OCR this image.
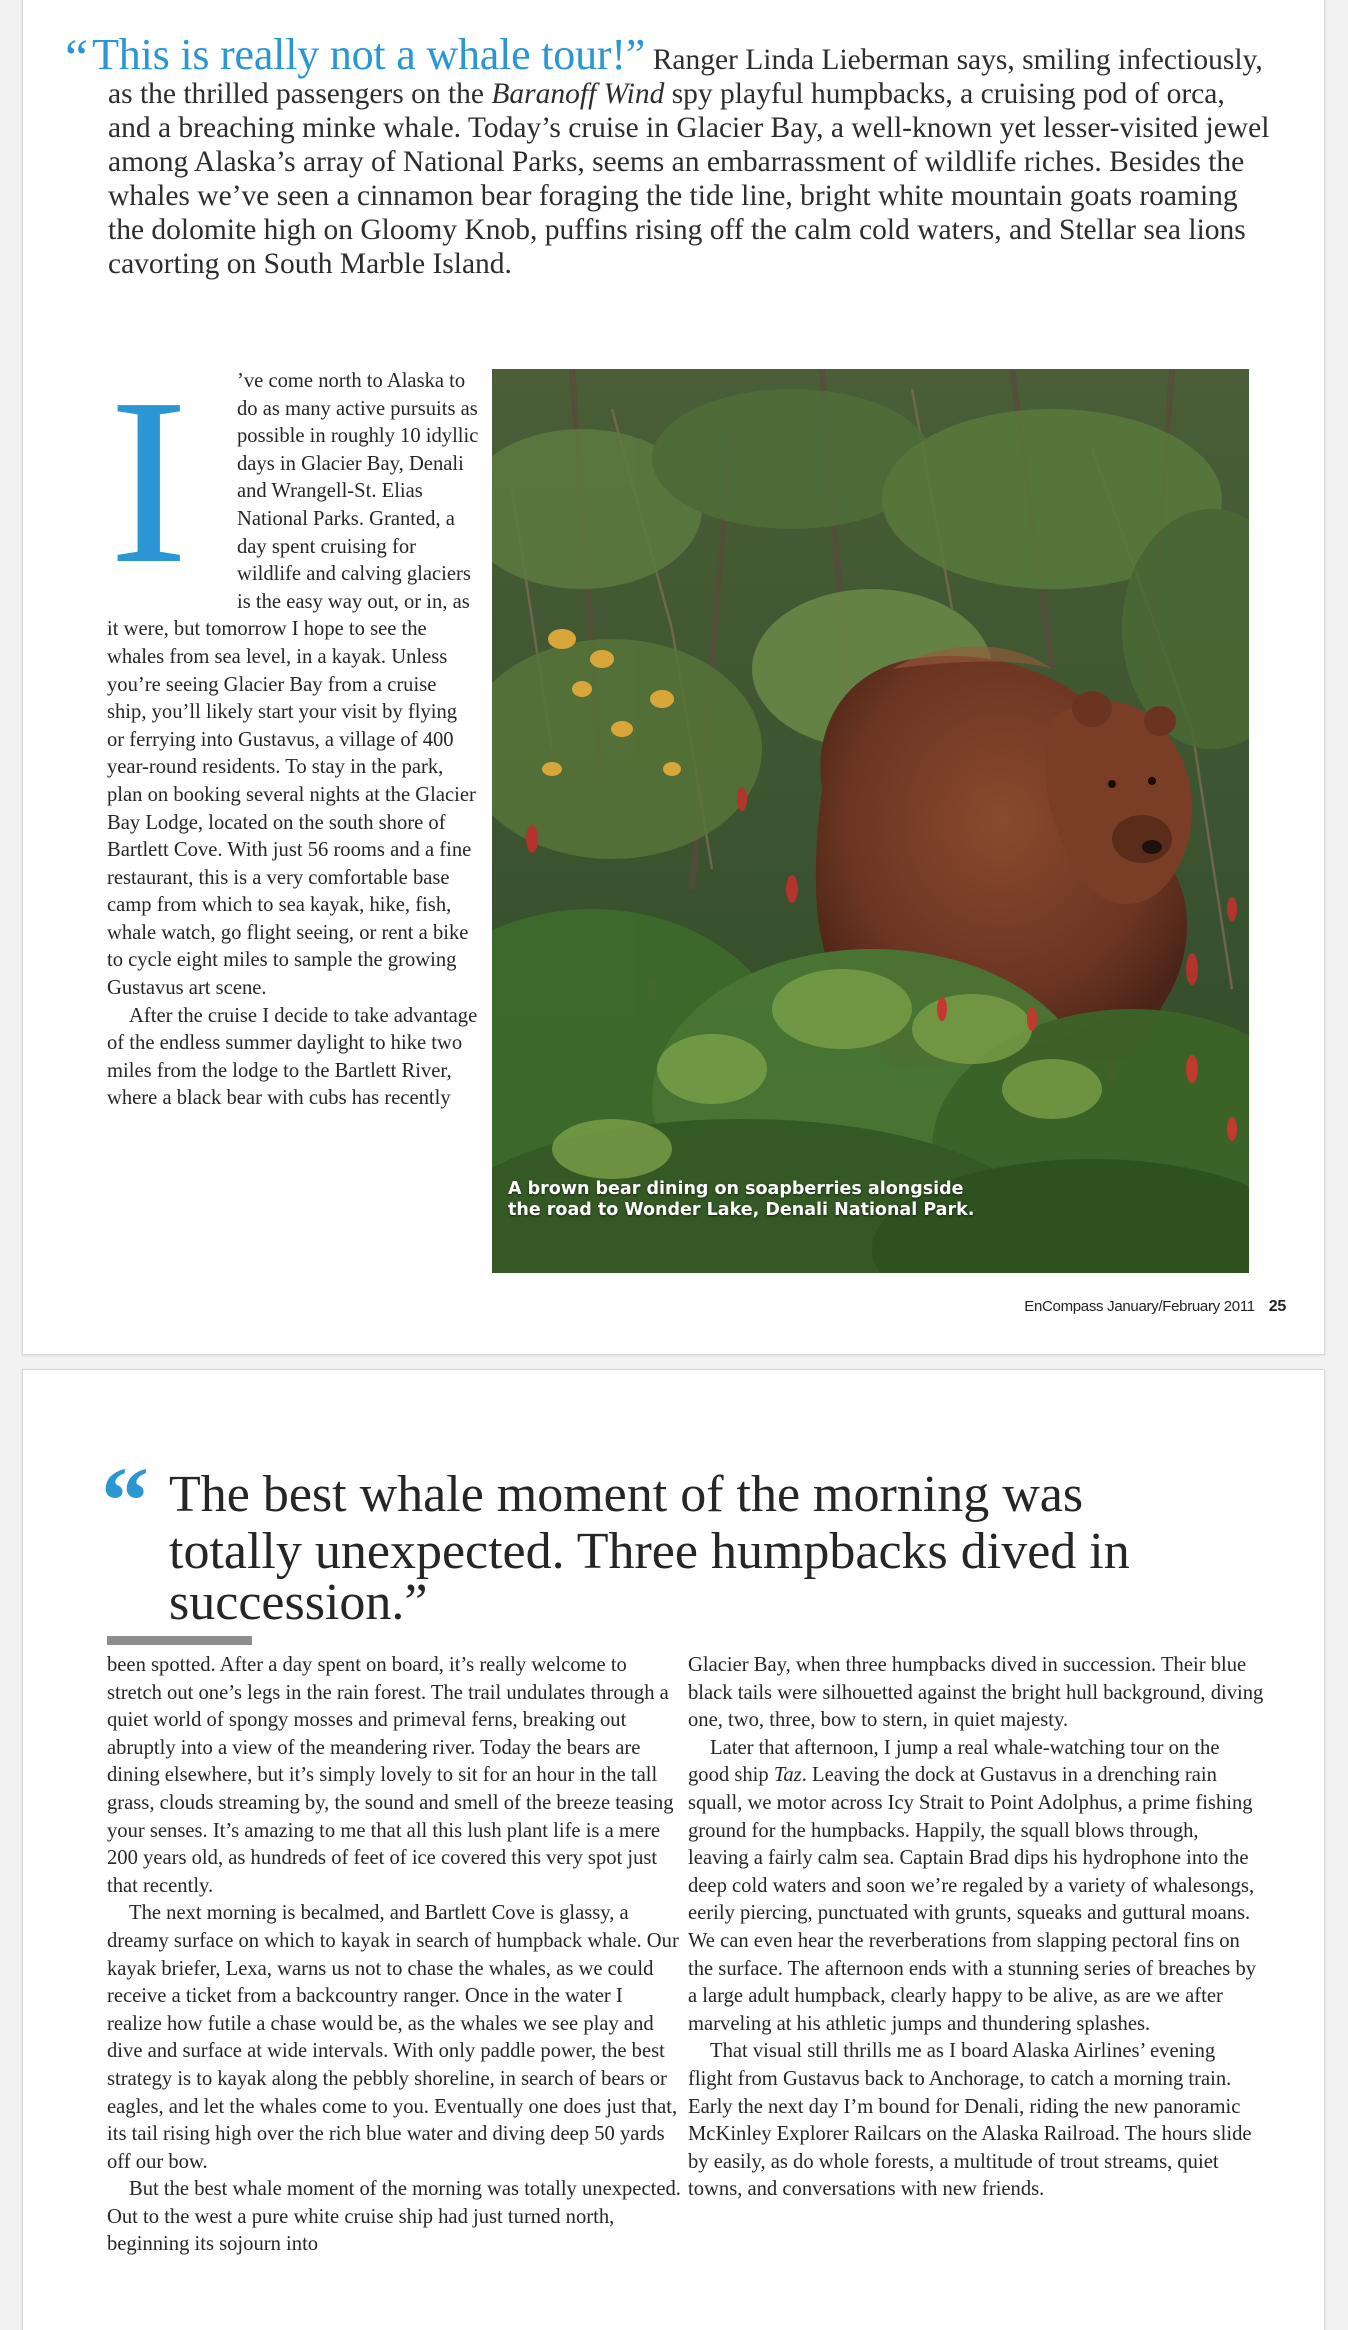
“This is really not a whale tour!” Ranger Linda Lieberman says, smiling infectiously, as the thrilled passengers on the Baranoff Wind spy playful humpbacks, a cruising pod of orca, and a breaching minke whale. Today’s cruise in Glacier Bay, a well-known yet lesser-visited jewel among Alaska’s array of National Parks, seems an embarrassment of wildlife riches. Besides the whales we’ve seen a cinnamon bear foraging the tide line, bright white mountain goats roaming the dolomite high on Gloomy Knob, puffins rising off the calm cold waters, and Stellar sea lions cavorting on South Marble Island.

I	’ve come north to Alaska to do as many active pursuits as possible in roughly 10 idyllic days in Glacier Bay, Denali and Wrangell-St. Elias National Parks. Granted, a day spent cruising for wildlife and calving glaciers is the easy way out, or in, as it were, but tomorrow I hope to see the whales from sea level, in a kayak. Unless you’re seeing Glacier Bay from a cruise ship, you’ll likely start your visit by flying or ferrying into Gustavus, a village of 400 year-round residents. To stay in the park, plan on booking several nights at the Glacier Bay Lodge, located on the south shore of Bartlett Cove. With just 56 rooms and a fine restaurant, this is a very comfortable base camp from which to sea kayak, hike, fish, whale watch, go flight seeing, or rent a bike to cycle eight miles to sample the growing Gustavus art scene.

After the cruise I decide to take advantage of the endless summer daylight to hike two miles from the lodge to the Bartlett River, where a black bear with cubs has recently

A brown bear dining on soapberries alongside
the road to Wonder Lake, Denali National Park.
EnCompass January/February 2011 25

“ The best whale moment of the morning was totally unexpected. Three humpbacks dived in succession.”

been spotted. After a day spent on board, it’s really welcome to stretch out one’s legs in the rain forest. The trail undulates through a quiet world of spongy mosses and primeval ferns, breaking out abruptly into a view of the meandering river. Today the bears are dining elsewhere, but it’s simply lovely to sit for an hour in the tall grass, clouds streaming by, the sound and smell of the breeze teasing your senses. It’s amazing to me that all this lush plant life is a mere 200 years old, as hundreds of feet of ice covered this very spot just that recently.

The next morning is becalmed, and Bartlett Cove is glassy, a dreamy surface on which to kayak in search of humpback whale. Our kayak briefer, Lexa, warns us not to chase the whales, as we could receive a ticket from a backcountry ranger. Once in the water I realize how futile a chase would be, as the whales we see play and dive and surface at wide intervals. With only paddle power, the best strategy is to kayak along the pebbly shoreline, in search of bears or eagles, and let the whales come to you. Eventually one does just that, its tail rising high over the rich blue water and diving deep 50 yards off our bow.

But the best whale moment of the morning was totally unexpected. Out to the west a pure white cruise ship had just turned north, beginning its sojourn into

Glacier Bay, when three humpbacks dived in succession. Their blue black tails were silhouetted against the bright hull background, diving one, two, three, bow to stern, in quiet majesty.

Later that afternoon, I jump a real whale-watching tour on the good ship Taz. Leaving the dock at Gustavus in a drenching rain squall, we motor across Icy Strait to Point Adolphus, a prime fishing ground for the humpbacks. Happily, the squall blows through, leaving a fairly calm sea. Captain Brad dips his hydrophone into the deep cold waters and soon we’re regaled by a variety of whalesongs, eerily piercing, punctuated with grunts, squeaks and guttural moans. We can even hear the reverberations from slapping pectoral fins on the surface. The afternoon ends with a stunning series of breaches by a large adult humpback, clearly happy to be alive, as are we after marveling at his athletic jumps and thundering splashes.

That visual still thrills me as I board Alaska Airlines’ evening flight from Gustavus back to Anchorage, to catch a morning train. Early the next day I’m bound for Denali, riding the new panoramic McKinley Explorer Railcars on the Alaska Railroad. The hours slide by easily, as do whole forests, a multitude of trout streams, quiet towns, and conversations with new friends.
